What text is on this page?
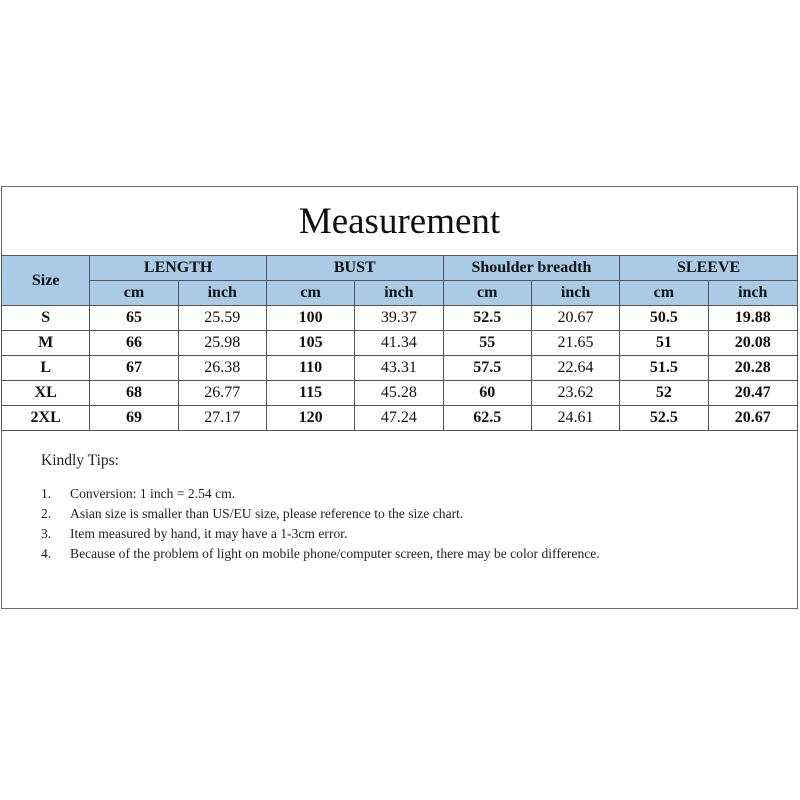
Measurement
Size	LENGTH		BUST		Shoulder breadth		SLEEVE	
	cm	inch	cm	inch	cm	inch	cm	inch
S	65	25.59	100	39.37	52.5	20.67	50.5	19.88
M	66	25.98	105	41.34	55	21.65	51	20.08
L	67	26.38	110	43.31	57.5	22.64	51.5	20.28
XL	68	26.77	115	45.28	60	23.62	52	20.47
2XL	69	27.17	120	47.24	62.5	24.61	52.5	20.67
Kindly Tips:
1.	Conversion: 1 inch = 2.54 cm.
2.	Asian size is smaller than US/EU size, please reference to the size chart.
3.	Item measured by hand, it may have a 1-3cm error.
4.	Because of the problem of light on mobile phone/computer screen, there may be color difference.
